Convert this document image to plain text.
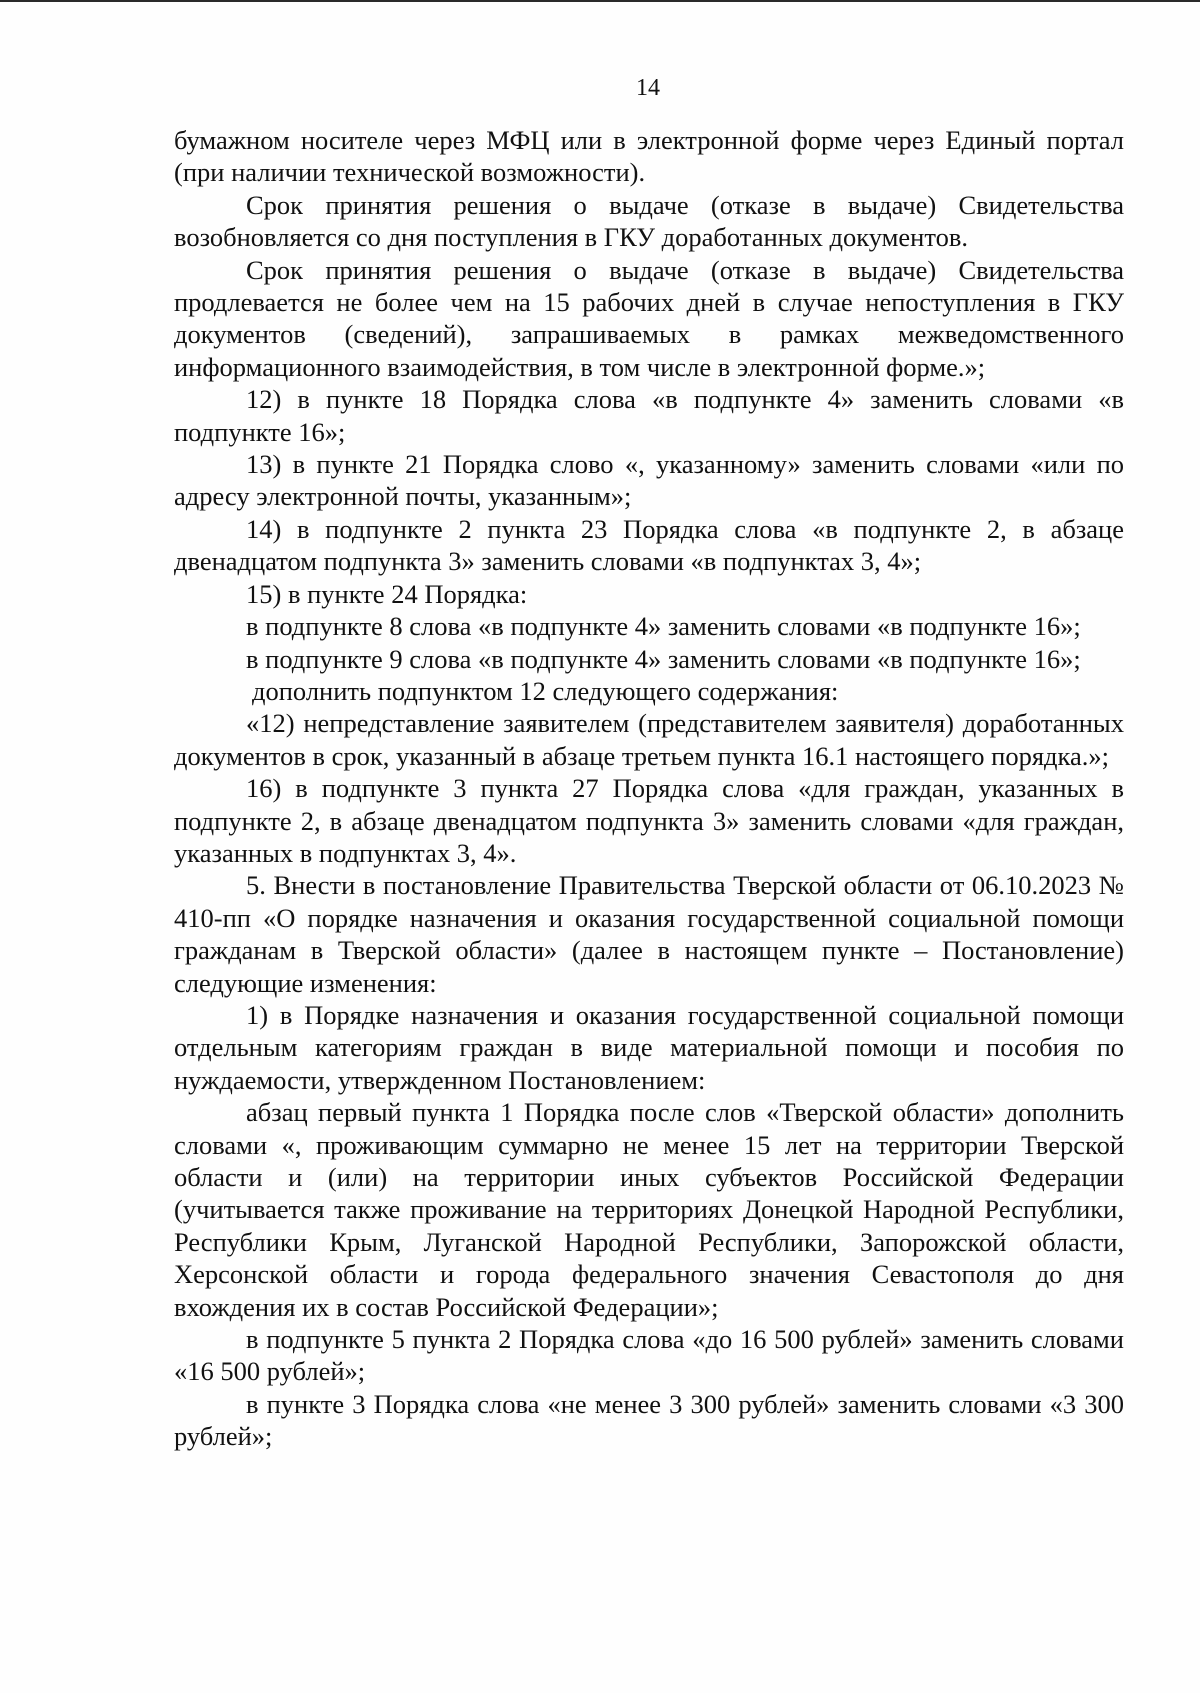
14

бумажном носителе через МФЦ или в электронной форме через Единый портал (при наличии технической возможности).

Срок принятия решения о выдаче (отказе в выдаче) Свидетельства возобновляется со дня поступления в ГКУ доработанных документов.

Срок принятия решения о выдаче (отказе в выдаче) Свидетельства продлевается не более чем на 15 рабочих дней в случае непоступления в ГКУ документов (сведений), запрашиваемых в рамках межведомственного информационного взаимодействия, в том числе в электронной форме.»;

12) в пункте 18 Порядка слова «в подпункте 4» заменить словами «в подпункте 16»;

13) в пункте 21 Порядка слово «, указанному» заменить словами «или по адресу электронной почты, указанным»;

14) в подпункте 2 пункта 23 Порядка слова «в подпункте 2, в абзаце двенадцатом подпункта 3» заменить словами «в подпунктах 3, 4»;

15) в пункте 24 Порядка:

в подпункте 8 слова «в подпункте 4» заменить словами «в подпункте 16»;

в подпункте 9 слова «в подпункте 4» заменить словами «в подпункте 16»;

дополнить подпунктом 12 следующего содержания:

«12) непредставление заявителем (представителем заявителя) доработанных документов в срок, указанный в абзаце третьем пункта 16.1 настоящего порядка.»;

16) в подпункте 3 пункта 27 Порядка слова «для граждан, указанных в подпункте 2, в абзаце двенадцатом подпункта 3» заменить словами «для граждан, указанных в подпунктах 3, 4».

5. Внести в постановление Правительства Тверской области от 06.10.2023 № 410-пп «О порядке назначения и оказания государственной социальной помощи гражданам в Тверской области» (далее в настоящем пункте – Постановление) следующие изменения:

1) в Порядке назначения и оказания государственной социальной помощи отдельным категориям граждан в виде материальной помощи и пособия по нуждаемости, утвержденном Постановлением:

абзац первый пункта 1 Порядка после слов «Тверской области» дополнить словами «, проживающим суммарно не менее 15 лет на территории Тверской области и (или) на территории иных субъектов Российской Федерации (учитывается также проживание на территориях Донецкой Народной Республики, Республики Крым, Луганской Народной Республики, Запорожской области, Херсонской области и города федерального значения Севастополя до дня вхождения их в состав Российской Федерации»;

в подпункте 5 пункта 2 Порядка слова «до 16 500 рублей» заменить словами «16 500 рублей»;

в пункте 3 Порядка слова «не менее 3 300 рублей» заменить словами «3 300 рублей»;
